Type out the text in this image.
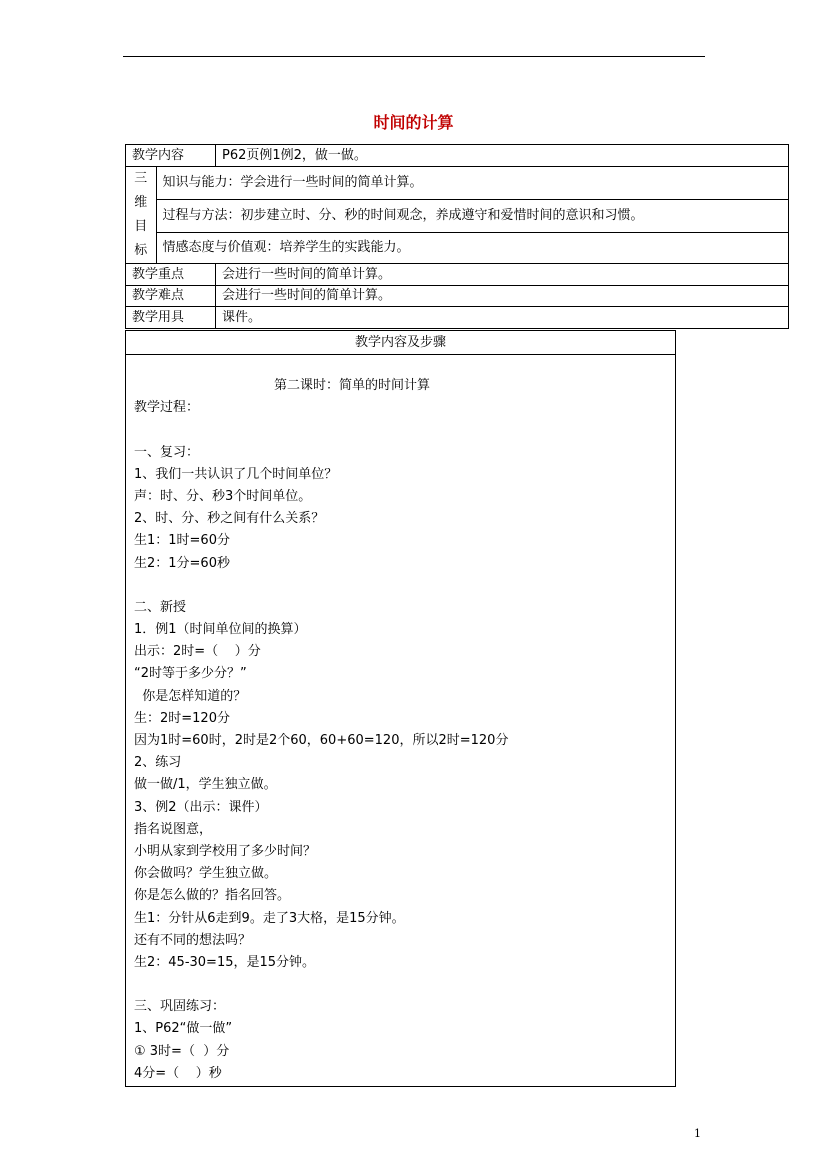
时间的计算
教学内容	P62页例1例2，做一做。

三
维
目
标
	知识与能力：学会进行一些时间的简单计算。
过程与方法：初步建立时、分、秒的时间观念，养成遵守和爱惜时间的意识和习惯。
情感态度与价值观：培养学生的实践能力。

教学重点	会进行一些时间的简单计算。
教学难点	会进行一些时间的简单计算。
教学用具	课件。
教学内容及步骤

第二课时：简单的时间计算
教学过程：
一、复习：
1、我们一共认识了几个时间单位？
声：时、分、秒3个时间单位。
2、时、分、秒之间有什么关系？
生1：1时=60分
生2：1分=60秒
二、新授
1．例1（时间单位间的换算）
出示：2时=（    ）分
“2时等于多少分？”
你是怎样知道的？
生：2时=120分
因为1时=60时，2时是2个60，60+60=120，所以2时=120分
2、练习
做一做/1，学生独立做。
3、例2（出示：课件）
指名说图意，
小明从家到学校用了多少时间？
你会做吗？学生独立做。
你是怎么做的？指名回答。
生1：分针从6走到9。走了3大格，是15分钟。
还有不同的想法吗？
生2：45-30=15，是15分钟。
三、巩固练习：
1、P62“做一做”
① 3时=（  ）分
4分=（    ）秒
1
